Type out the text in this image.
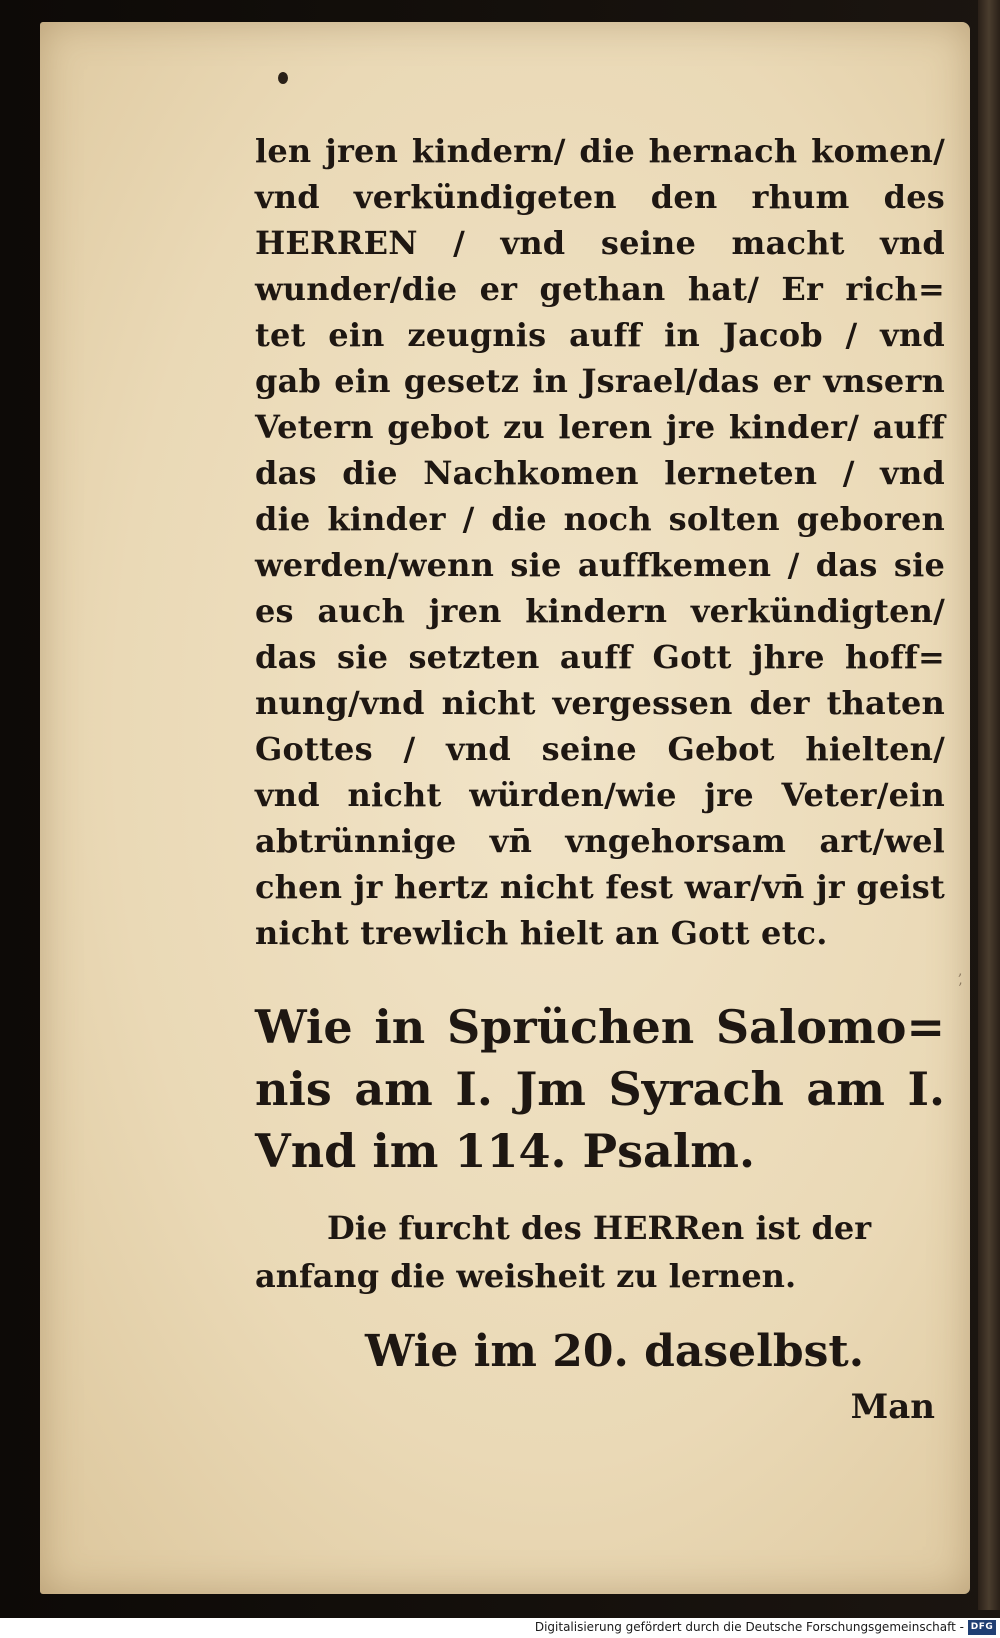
,
’

len jren kindern/ die hernach komen/

vnd verkündigeten den rhum des

HERREN / vnd seine macht vnd

wunder/die er gethan hat/ Er rich=

tet ein zeugnis auff in Jacob / vnd

gab ein gesetz in Jsrael/das er vnsern

Vetern gebot zu leren jre kinder/ auff

das die Nachkomen lerneten / vnd

die kinder / die noch solten geboren

werden/wenn sie auffkemen / das sie

es auch jren kindern verkündigten/

das sie setzten auff Gott jhre hoff=

nung/vnd nicht vergessen der thaten

Gottes / vnd seine Gebot hielten/

vnd nicht würden/wie jre Veter/ein

abtrünnige vn̄ vngehorsam art/wel

chen jr hertz nicht fest war/vn̄ jr geist

nicht trewlich hielt an Gott etc.

Wie in Sprüchen Salomo=

nis am I. Jm Syrach am I.

Vnd im 114. Psalm.

Die furcht des HERRen ist der

anfang die weisheit zu lernen.

Wie im 20. daselbst.
Man
Digitalisierung gefördert durch die Deutsche Forschungsgemeinschaft - DFG
